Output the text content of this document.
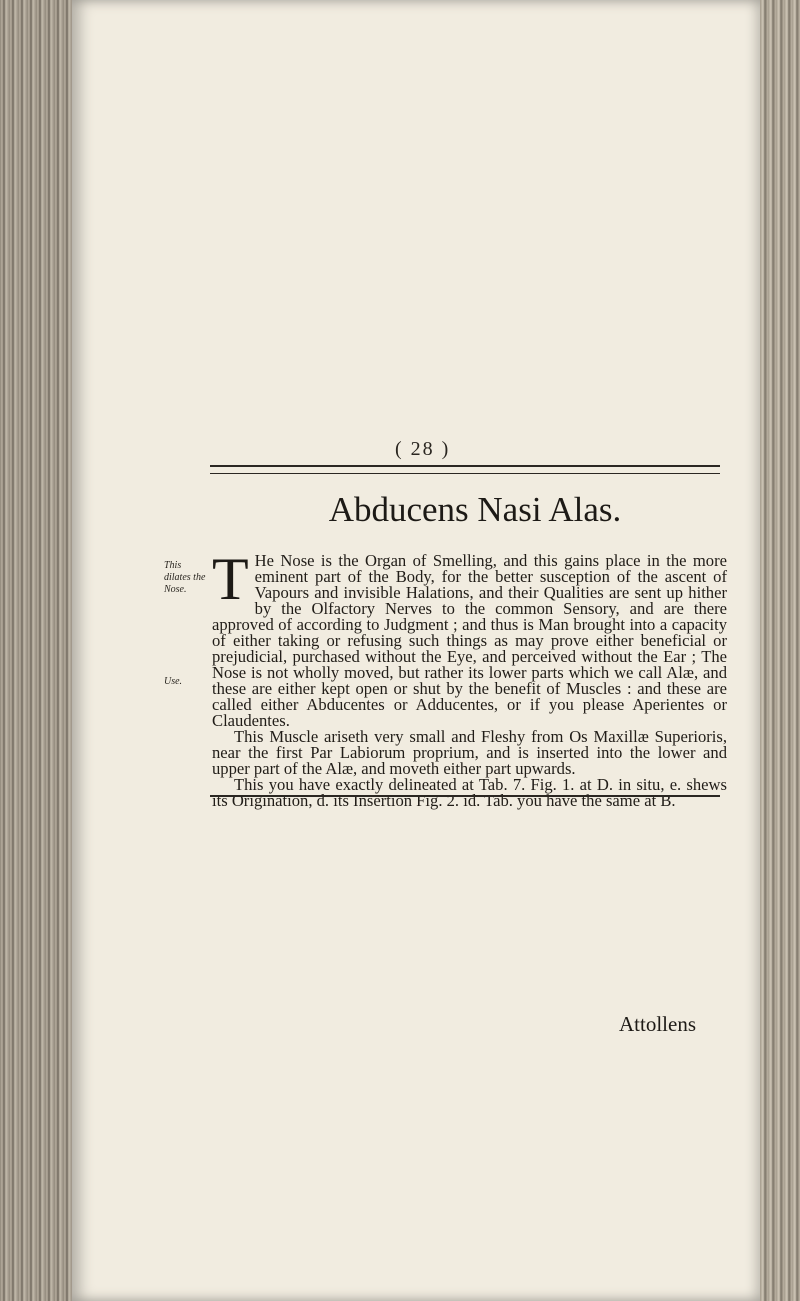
( 28 )

Abducens Nasi Alas.

This dilates the Nose.

Use.

T He Nose is the Organ of Smelling, and this gains place in the more eminent part of the Body, for the better susception of the ascent of Vapours and invisible Halations, and their Qualities are sent up hither by the Olfactory Nerves to the common Sensory, and are there approved of according to Judgment ; and thus is Man brought into a capacity of either taking or refusing such things as may prove either beneficial or prejudicial, purchased without the Eye, and perceived without the Ear ; The Nose is not wholly moved, but rather its lower parts which we call Alæ, and these are either kept open or shut by the benefit of Muscles : and these are called either Abducentes or Adducentes, or if you please Aperientes or Claudentes.

This Muscle ariseth very small and Fleshy from Os Maxillæ Superioris, near the first Par Labiorum proprium, and is inserted into the lower and upper part of the Alæ, and moveth either part upwards.

This you have exactly delineated at Tab. 7. Fig. 1. at D. in situ, e. shews its Origination, d. its Insertion Fig. 2. id. Tab. you have the same at B.

Attollens
